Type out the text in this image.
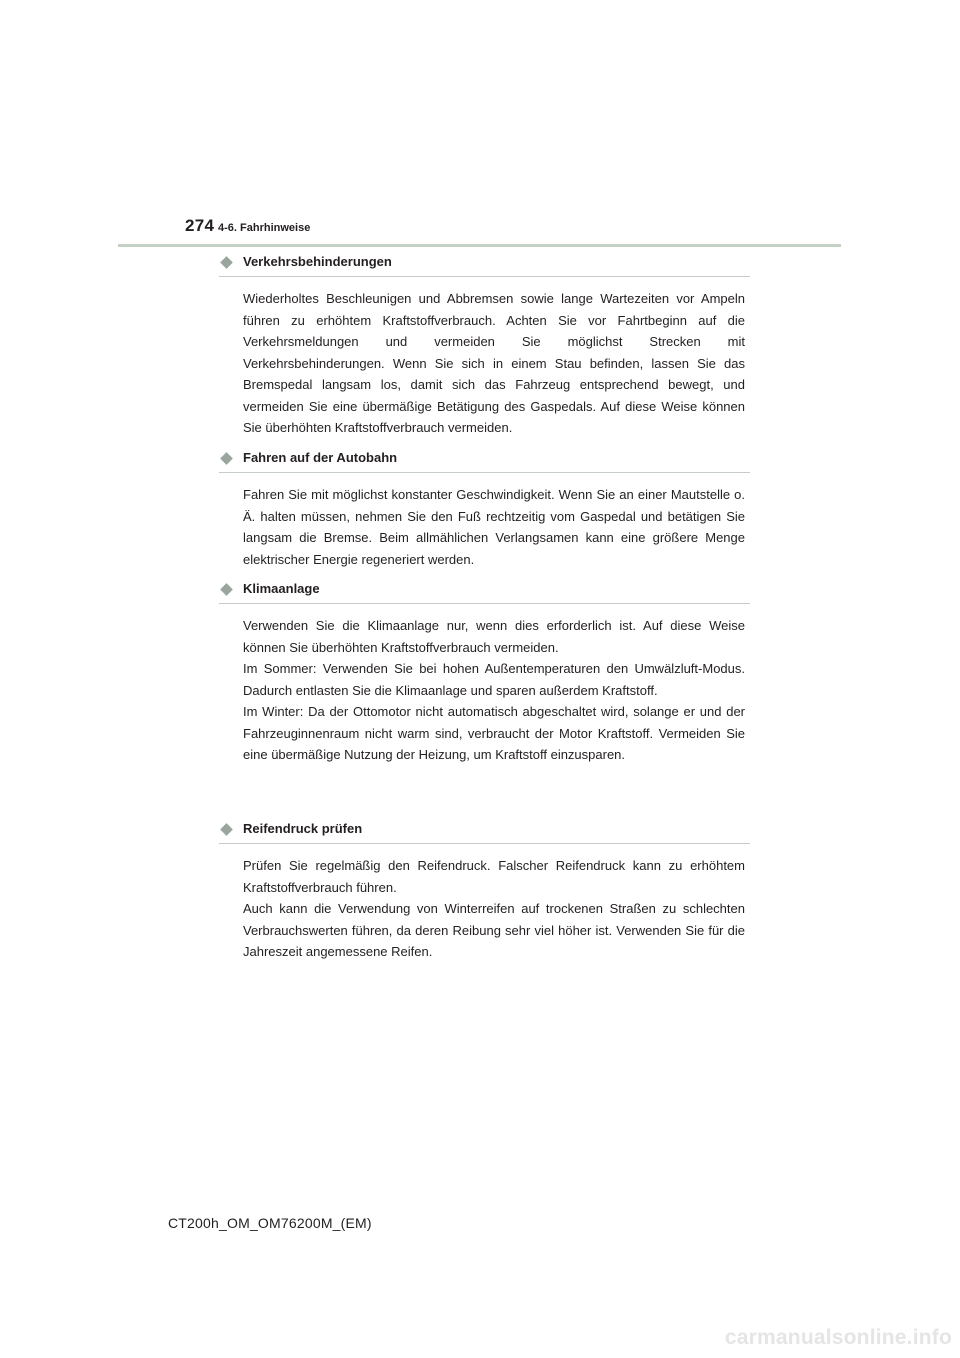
274 4-6. Fahrhinweise
Verkehrsbehinderungen

Wiederholtes Beschleunigen und Abbremsen sowie lange Wartezeiten vor Ampeln führen zu erhöhtem Kraftstoffverbrauch. Achten Sie vor Fahrtbeginn auf die Verkehrsmeldungen und vermeiden Sie möglichst Strecken mit Verkehrsbehinderungen. Wenn Sie sich in einem Stau befinden, lassen Sie das Bremspedal langsam los, damit sich das Fahrzeug entsprechend bewegt, und vermeiden Sie eine übermäßige Betätigung des Gaspedals. Auf diese Weise können Sie überhöhten Kraftstoffverbrauch vermeiden.

Fahren auf der Autobahn

Fahren Sie mit möglichst konstanter Geschwindigkeit. Wenn Sie an einer Mautstelle o. Ä. halten müssen, nehmen Sie den Fuß rechtzeitig vom Gaspedal und betätigen Sie langsam die Bremse. Beim allmählichen Verlangsamen kann eine größere Menge elektrischer Energie regeneriert werden.

Klimaanlage

Verwenden Sie die Klimaanlage nur, wenn dies erforderlich ist. Auf diese Weise können Sie überhöhten Kraftstoffverbrauch vermeiden.

Im Sommer: Verwenden Sie bei hohen Außentemperaturen den Umwälzluft-Modus. Dadurch entlasten Sie die Klimaanlage und sparen außerdem Kraftstoff.

Im Winter: Da der Ottomotor nicht automatisch abgeschaltet wird, solange er und der Fahrzeuginnenraum nicht warm sind, verbraucht der Motor Kraftstoff. Vermeiden Sie eine übermäßige Nutzung der Heizung, um Kraftstoff einzusparen.

Reifendruck prüfen

Prüfen Sie regelmäßig den Reifendruck. Falscher Reifendruck kann zu erhöhtem Kraftstoffverbrauch führen.

Auch kann die Verwendung von Winterreifen auf trockenen Straßen zu schlechten Verbrauchswerten führen, da deren Reibung sehr viel höher ist. Verwenden Sie für die Jahreszeit angemessene Reifen.

CT200h_OM_OM76200M_(EM)
carmanualsonline.info
